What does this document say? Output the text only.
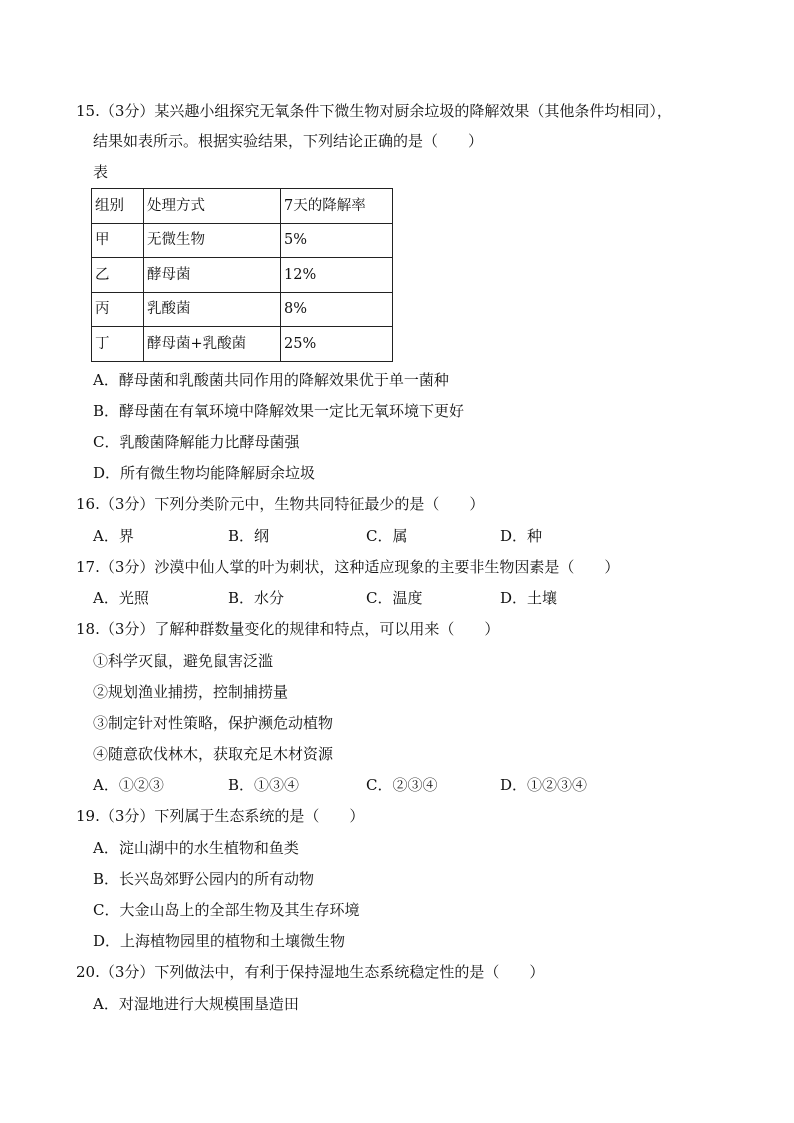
15.（3分）某兴趣小组探究无氧条件下微生物对厨余垃圾的降解效果（其他条件均相同），
结果如表所示。根据实验结果，下列结论正确的是（　　）
表
组别	处理方式	7天的降解率
甲	无微生物	5%
乙	酵母菌	12%
丙	乳酸菌	8%
丁	酵母菌+乳酸菌	25%
A．酵母菌和乳酸菌共同作用的降解效果优于单一菌种
B．酵母菌在有氧环境中降解效果一定比无氧环境下更好
C．乳酸菌降解能力比酵母菌强
D．所有微生物均能降解厨余垃圾
16.（3分）下列分类阶元中，生物共同特征最少的是（　　）
A．界	B．纲	C．属	D．种
17.（3分）沙漠中仙人掌的叶为刺状，这种适应现象的主要非生物因素是（　　）
A．光照	B．水分	C．温度	D．土壤
18.（3分）了解种群数量变化的规律和特点，可以用来（　　）
①科学灭鼠，避免鼠害泛滥
②规划渔业捕捞，控制捕捞量
③制定针对性策略，保护濒危动植物
④随意砍伐林木，获取充足木材资源
A．①②③	B．①③④	C．②③④	D．①②③④
19.（3分）下列属于生态系统的是（　　）
A．淀山湖中的水生植物和鱼类
B．长兴岛郊野公园内的所有动物
C．大金山岛上的全部生物及其生存环境
D．上海植物园里的植物和土壤微生物
20.（3分）下列做法中，有利于保持湿地生态系统稳定性的是（　　）
A．对湿地进行大规模围垦造田
